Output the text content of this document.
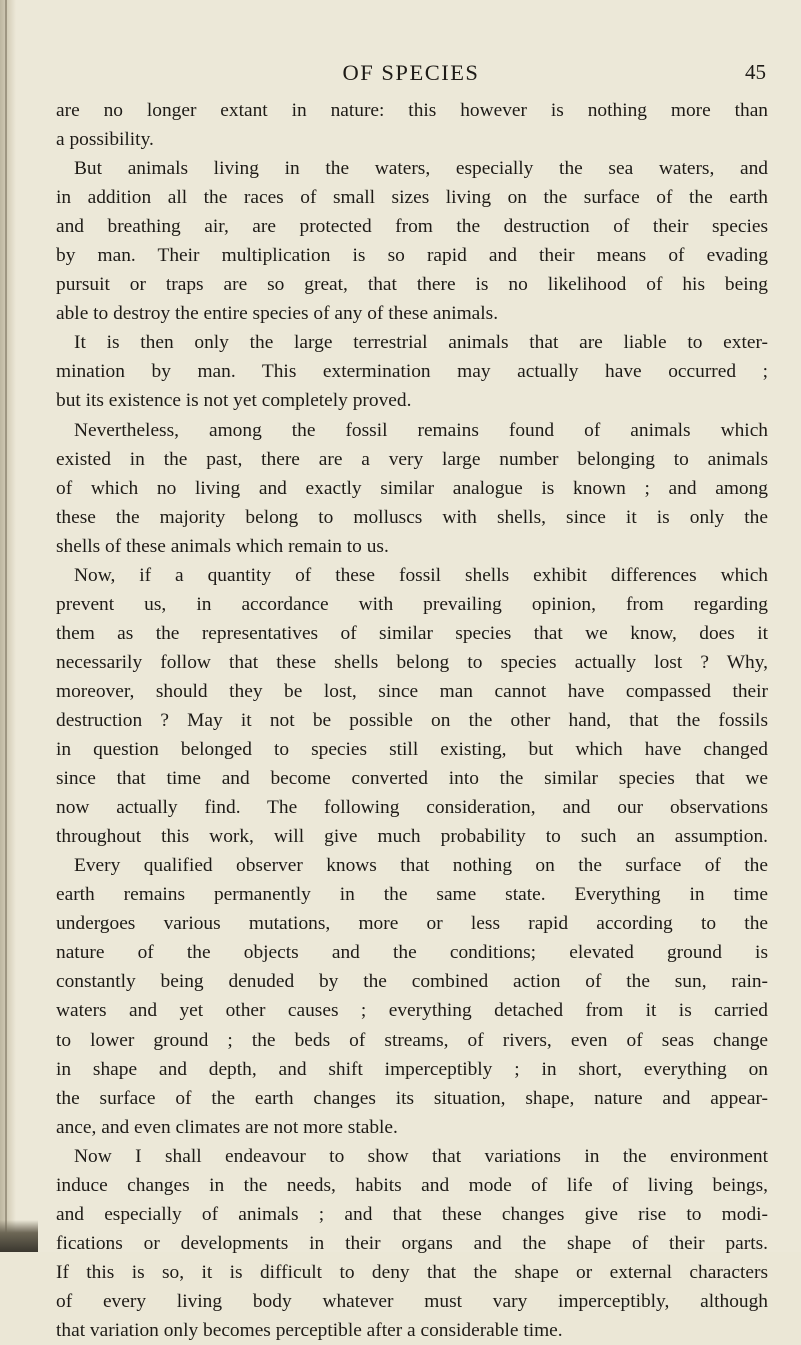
OF SPECIES	45
are no longer extant in nature: this however is nothing more than
a possibility.
But animals living in the waters, especially the sea waters, and
in addition all the races of small sizes living on the surface of the earth
and breathing air, are protected from the destruction of their species
by man. Their multiplication is so rapid and their means of evading
pursuit or traps are so great, that there is no likelihood of his being
able to destroy the entire species of any of these animals.
It is then only the large terrestrial animals that are liable to exter-
mination by man. This extermination may actually have occurred ;
but its existence is not yet completely proved.
Nevertheless, among the fossil remains found of animals which
existed in the past, there are a very large number belonging to animals
of which no living and exactly similar analogue is known ; and among
these the majority belong to molluscs with shells, since it is only the
shells of these animals which remain to us.
Now, if a quantity of these fossil shells exhibit differences which
prevent us, in accordance with prevailing opinion, from regarding
them as the representatives of similar species that we know, does it
necessarily follow that these shells belong to species actually lost ? Why,
moreover, should they be lost, since man cannot have compassed their
destruction ? May it not be possible on the other hand, that the fossils
in question belonged to species still existing, but which have changed
since that time and become converted into the similar species that we
now actually find. The following consideration, and our observations
throughout this work, will give much probability to such an assumption.
Every qualified observer knows that nothing on the surface of the
earth remains permanently in the same state. Everything in time
undergoes various mutations, more or less rapid according to the
nature of the objects and the conditions; elevated ground is
constantly being denuded by the combined action of the sun, rain-
waters and yet other causes ; everything detached from it is carried
to lower ground ; the beds of streams, of rivers, even of seas change
in shape and depth, and shift imperceptibly ; in short, everything on
the surface of the earth changes its situation, shape, nature and appear-
ance, and even climates are not more stable.
Now I shall endeavour to show that variations in the environment
induce changes in the needs, habits and mode of life of living beings,
and especially of animals ; and that these changes give rise to modi-
fications or developments in their organs and the shape of their parts.
If this is so, it is difficult to deny that the shape or external characters
of every living body whatever must vary imperceptibly, although
that variation only becomes perceptible after a considerable time.
